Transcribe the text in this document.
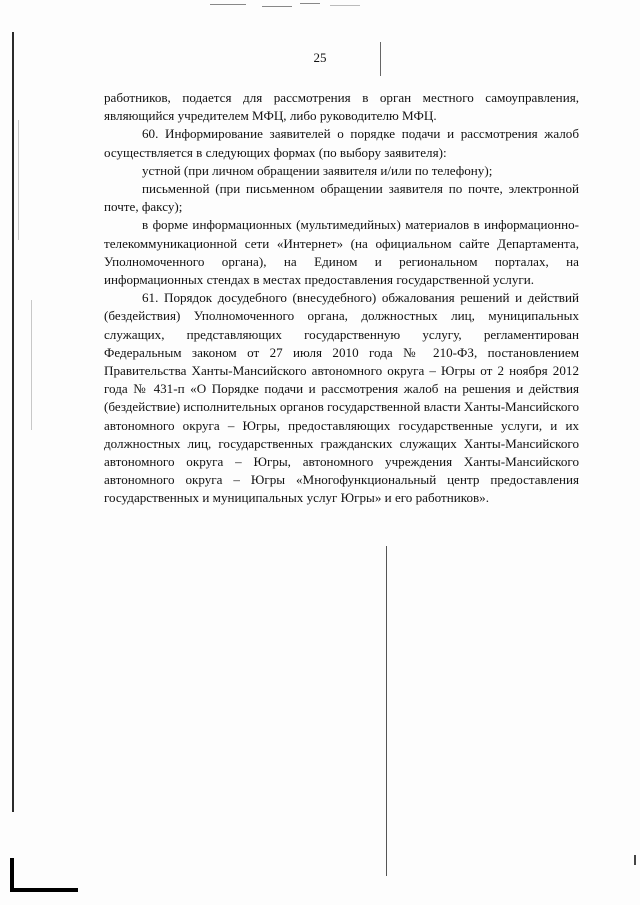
25

работников, подается для рассмотрения в орган местного самоуправления, являющийся учредителем МФЦ, либо руководителю МФЦ.

60. Информирование заявителей о порядке подачи и рассмотрения жалоб осуществляется в следующих формах (по выбору заявителя):

устной (при личном обращении заявителя и/или по телефону);

письменной (при письменном обращении заявителя по почте, электронной почте, факсу);

в форме информационных (мультимедийных) материалов в информационно-телекоммуникационной сети «Интернет» (на официальном сайте Департамента, Уполномоченного органа), на Едином и региональном порталах, на информационных стендах в местах предоставления государственной услуги.

61. Порядок досудебного (внесудебного) обжалования решений и действий (бездействия) Уполномоченного органа, должностных лиц, муниципальных служащих, представляющих государственную услугу, регламентирован Федеральным законом от 27 июля 2010 года № 210-ФЗ, постановлением Правительства Ханты-Мансийского автономного округа – Югры от 2 ноября 2012 года № 431-п «О Порядке подачи и рассмотрения жалоб на решения и действия (бездействие) исполнительных органов государственной власти Ханты-Мансийского автономного округа – Югры, предоставляющих государственные услуги, и их должностных лиц, государственных гражданских служащих Ханты-Мансийского автономного округа – Югры, автономного учреждения Ханты-Мансийского автономного округа – Югры «Многофункциональный центр предоставления государственных и муниципальных услуг Югры» и его работников».
